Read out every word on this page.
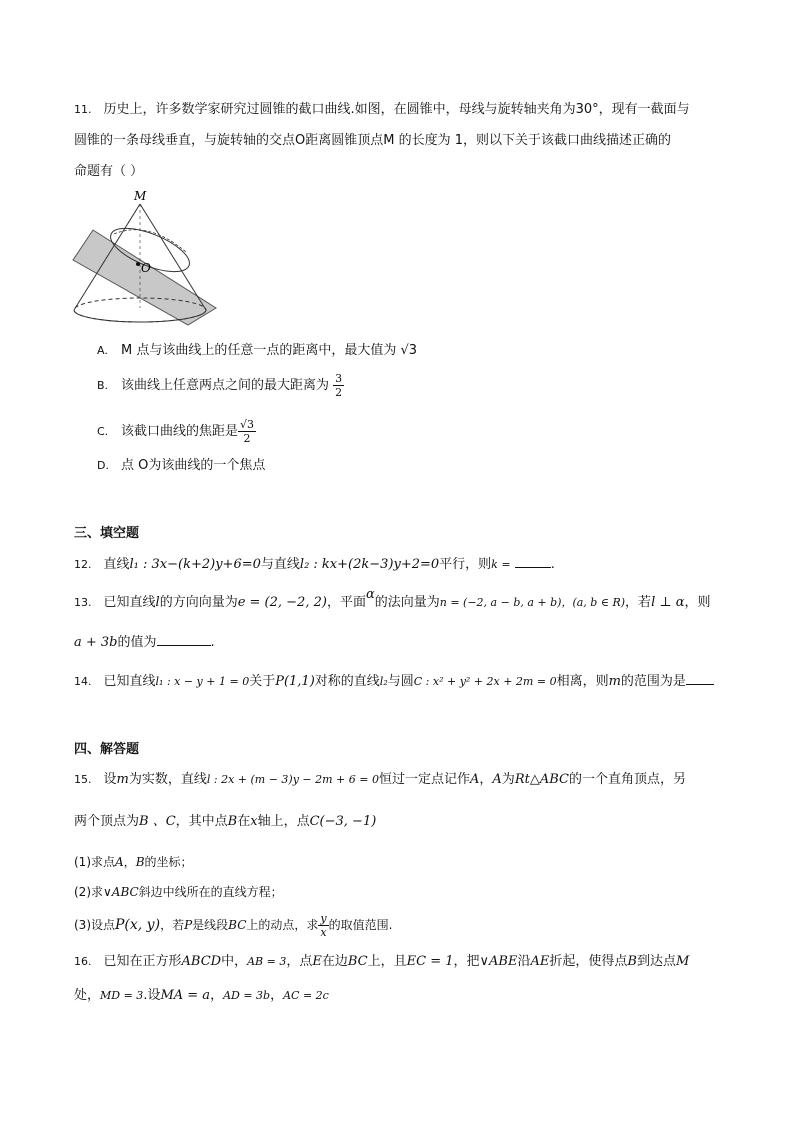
11. 历史上，许多数学家研究过圆锥的截口曲线.如图，在圆锥中，母线与旋转轴夹角为30°，现有一截面与
圆锥的一条母线垂直，与旋转轴的交点O距离圆锥顶点M 的长度为 1，则以下关于该截口曲线描述正确的
命题有（ ）
M
O
A. M 点与该曲线上的任意一点的距离中，最大值为 √3
B. 该曲线上任意两点之间的最大距离为 $\frac{3}{2}$
C. 该截口曲线的焦距是 $\frac{√3}{2}$
D. 点 O为该曲线的一个焦点
三、填空题
12. 直线l₁ : 3x−(k+2)y+6=0与直线l₂ : kx+(2k−3)y+2=0平行，则k =	.
13. 已知直线l的方向向量为e = (2, −2, 2)，平面α的法向量为n = (−2, a − b, a + b)，(a, b ∈ R)，若l ⊥ α，则
a + 3b的值为	.
14. 已知直线l₁ : x − y + 1 = 0关于P(1,1)对称的直线l₂与圆C : x² + y² + 2x + 2m = 0相离，则m的范围为是
四、解答题
15. 设m为实数，直线l : 2x + (m − 3)y − 2m + 6 = 0恒过一定点记作A，A为Rt△ABC的一个直角顶点，另
两个顶点为B 、C，其中点B在x轴上，点C(−3, −1)
(1)求点A，B的坐标；
(2)求∨ABC斜边中线所在的直线方程；
(3)设点P(x, y)，若P是线段BC上的动点，求 $\frac{y}{x}$ 的取值范围.
16. 已知在正方形ABCD中，AB = 3，点E在边BC上，且EC = 1，把∨ABE沿AE折起，使得点B到达点M
处，MD = 3.设MA = a，AD = 3b，AC = 2c
